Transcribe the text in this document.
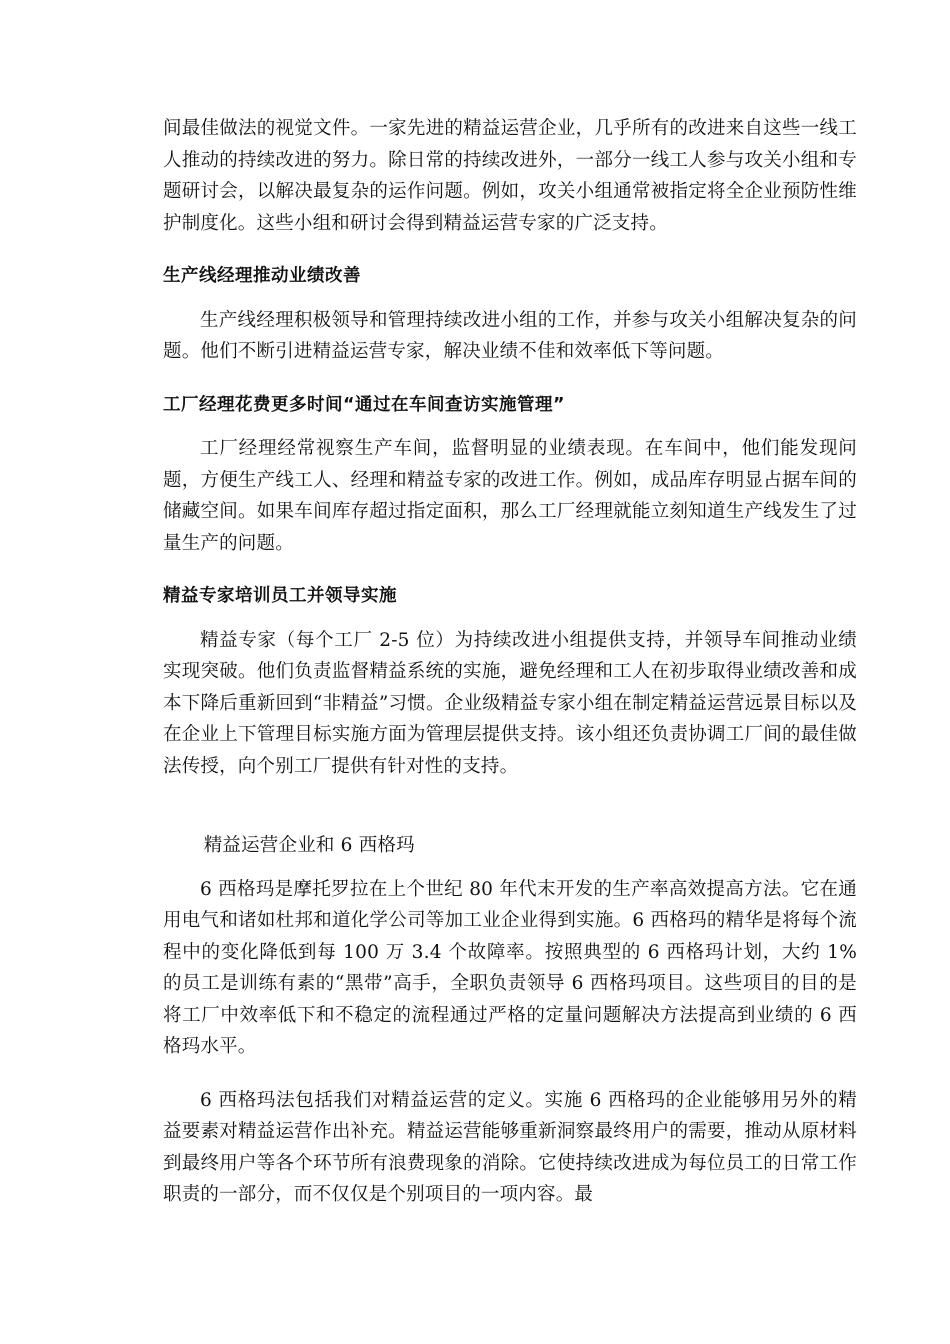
间最佳做法的视觉文件。一家先进的精益运营企业，几乎所有的改进来自这些一线工人推动的持续改进的努力。除日常的持续改进外，一部分一线工人参与攻关小组和专题研讨会，以解决最复杂的运作问题。例如，攻关小组通常被指定将全企业预防性维护制度化。这些小组和研讨会得到精益运营专家的广泛支持。

生产线经理推动业绩改善

生产线经理积极领导和管理持续改进小组的工作，并参与攻关小组解决复杂的问题。他们不断引进精益运营专家，解决业绩不佳和效率低下等问题。

工厂经理花费更多时间“通过在车间查访实施管理”

工厂经理经常视察生产车间，监督明显的业绩表现。在车间中，他们能发现问题，方便生产线工人、经理和精益专家的改进工作。例如，成品库存明显占据车间的储藏空间。如果车间库存超过指定面积，那么工厂经理就能立刻知道生产线发生了过量生产的问题。

精益专家培训员工并领导实施

精益专家（每个工厂 2-5 位）为持续改进小组提供支持，并领导车间推动业绩实现突破。他们负责监督精益系统的实施，避免经理和工人在初步取得业绩改善和成本下降后重新回到“非精益”习惯。企业级精益专家小组在制定精益运营远景目标以及在企业上下管理目标实施方面为管理层提供支持。该小组还负责协调工厂间的最佳做法传授，向个别工厂提供有针对性的支持。

精益运营企业和 6 西格玛

6 西格玛是摩托罗拉在上个世纪 80 年代末开发的生产率高效提高方法。它在通用电气和诸如杜邦和道化学公司等加工业企业得到实施。6 西格玛的精华是将每个流程中的变化降低到每 100 万 3.4 个故障率。按照典型的 6 西格玛计划，大约 1% 的员工是训练有素的“黑带”高手，全职负责领导 6 西格玛项目。这些项目的目的是将工厂中效率低下和不稳定的流程通过严格的定量问题解决方法提高到业绩的 6 西格玛水平。

6 西格玛法包括我们对精益运营的定义。实施 6 西格玛的企业能够用另外的精益要素对精益运营作出补充。精益运营能够重新洞察最终用户的需要，推动从原材料到最终用户等各个环节所有浪费现象的消除。它使持续改进成为每位员工的日常工作职责的一部分，而不仅仅是个别项目的一项内容。最
